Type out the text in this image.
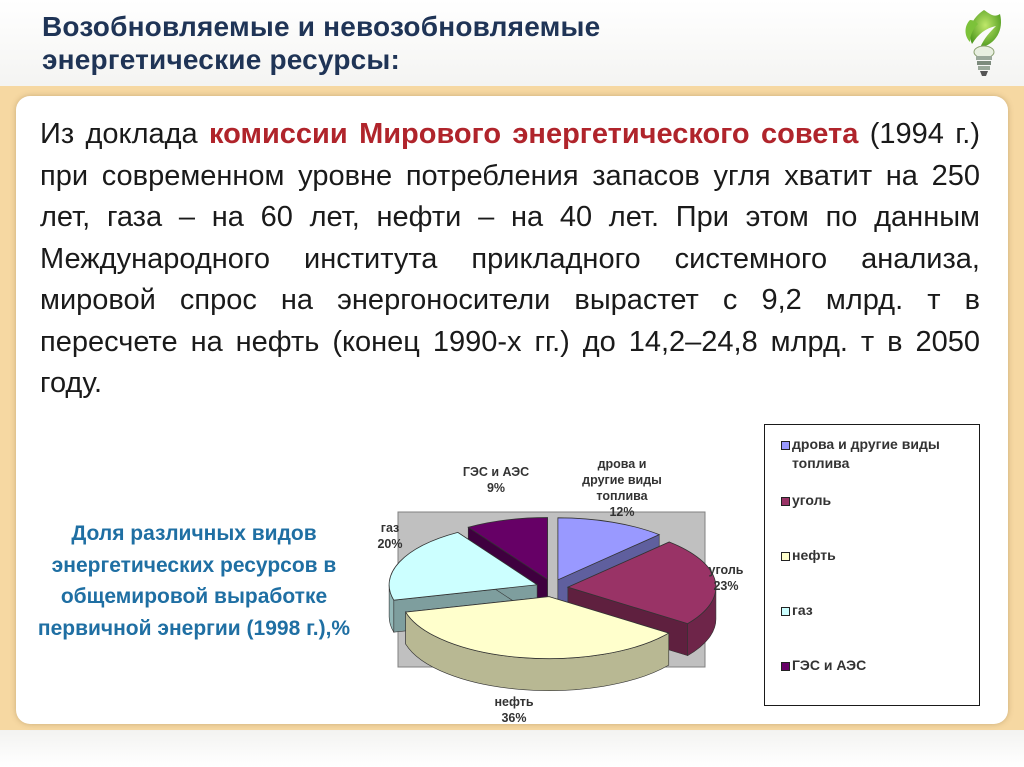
Возобновляемые и невозобновляемые
энергетические ресурсы:

Из доклада комиссии Мирового энергетического совета (1994 г.) при современном уровне потребления запасов угля хватит на 250 лет, газа – на 60 лет, нефти – на 40 лет. При этом по данным Международного института прикладного системного анализа, мировой спрос на энергоносители вырастет с 9,2 млрд. т в пересчете на нефть (конец 1990-х гг.) до 14,2–24,8 млрд. т в 2050 году.

Доля различных видов энергетических ресурсов в общемировой выработке первичной энергии (1998 г.),%

дрова и
другие виды
топлива
12%
уголь
23%
нефть
36%
газ
20%
ГЭС и АЭС
9%
дрова и другие виды топлива
уголь
нефть
газ
ГЭС и АЭС
